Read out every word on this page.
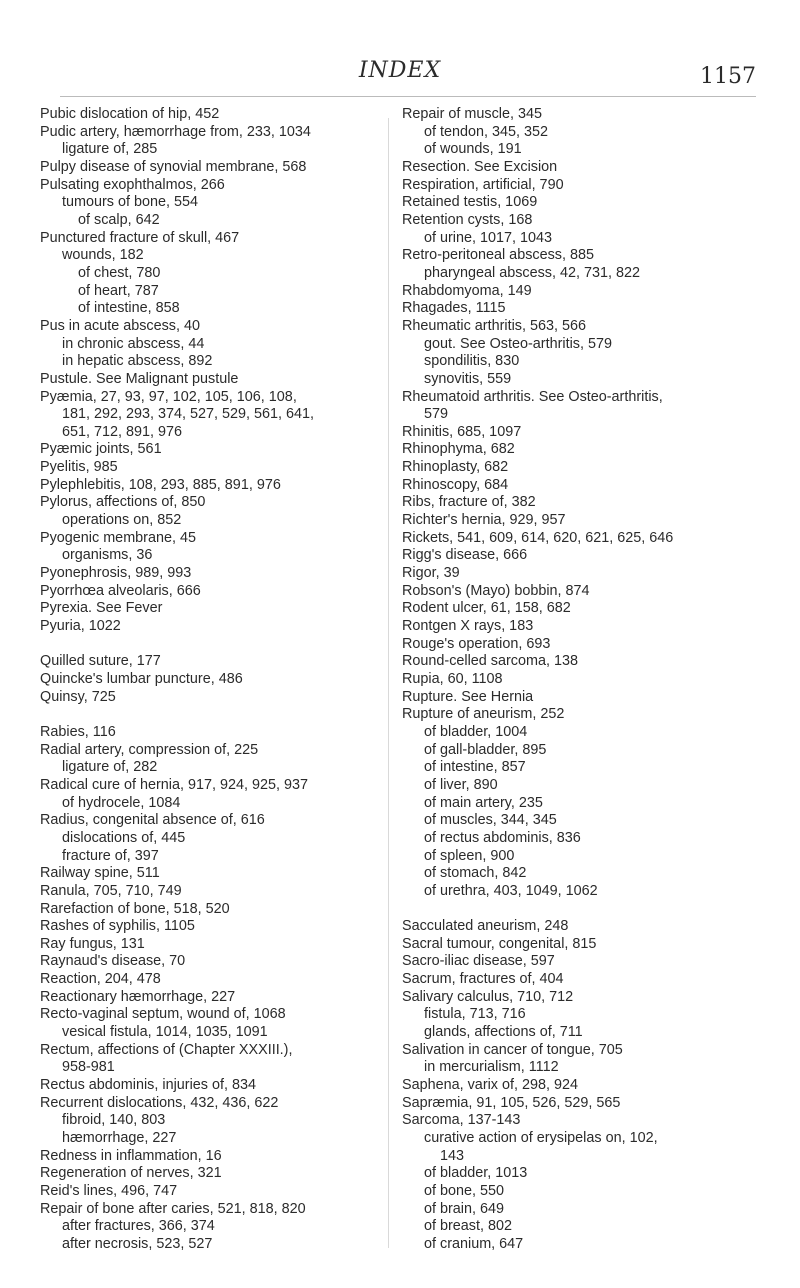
INDEX	1157
Pubic dislocation of hip, 452
Pudic artery, hæmorrhage from, 233, 1034
ligature of, 285
Pulpy disease of synovial membrane, 568
Pulsating exophthalmos, 266
tumours of bone, 554
of scalp, 642
Punctured fracture of skull, 467
wounds, 182
of chest, 780
of heart, 787
of intestine, 858
Pus in acute abscess, 40
in chronic abscess, 44
in hepatic abscess, 892
Pustule. See Malignant pustule
Pyæmia, 27, 93, 97, 102, 105, 106, 108,
181, 292, 293, 374, 527, 529, 561, 641,
651, 712, 891, 976
Pyæmic joints, 561
Pyelitis, 985
Pylephlebitis, 108, 293, 885, 891, 976
Pylorus, affections of, 850
operations on, 852
Pyogenic membrane, 45
organisms, 36
Pyonephrosis, 989, 993
Pyorrhœa alveolaris, 666
Pyrexia. See Fever
Pyuria, 1022
Quilled suture, 177
Quincke's lumbar puncture, 486
Quinsy, 725
Rabies, 116
Radial artery, compression of, 225
ligature of, 282
Radical cure of hernia, 917, 924, 925, 937
of hydrocele, 1084
Radius, congenital absence of, 616
dislocations of, 445
fracture of, 397
Railway spine, 511
Ranula, 705, 710, 749
Rarefaction of bone, 518, 520
Rashes of syphilis, 1105
Ray fungus, 131
Raynaud's disease, 70
Reaction, 204, 478
Reactionary hæmorrhage, 227
Recto-vaginal septum, wound of, 1068
vesical fistula, 1014, 1035, 1091
Rectum, affections of (Chapter XXXIII.),
958-981
Rectus abdominis, injuries of, 834
Recurrent dislocations, 432, 436, 622
fibroid, 140, 803
hæmorrhage, 227
Redness in inflammation, 16
Regeneration of nerves, 321
Reid's lines, 496, 747
Repair of bone after caries, 521, 818, 820
after fractures, 366, 374
after necrosis, 523, 527
Repair of muscle, 345
of tendon, 345, 352
of wounds, 191
Resection. See Excision
Respiration, artificial, 790
Retained testis, 1069
Retention cysts, 168
of urine, 1017, 1043
Retro-peritoneal abscess, 885
pharyngeal abscess, 42, 731, 822
Rhabdomyoma, 149
Rhagades, 1115
Rheumatic arthritis, 563, 566
gout. See Osteo-arthritis, 579
spondilitis, 830
synovitis, 559
Rheumatoid arthritis. See Osteo-arthritis,
579
Rhinitis, 685, 1097
Rhinophyma, 682
Rhinoplasty, 682
Rhinoscopy, 684
Ribs, fracture of, 382
Richter's hernia, 929, 957
Rickets, 541, 609, 614, 620, 621, 625, 646
Rigg's disease, 666
Rigor, 39
Robson's (Mayo) bobbin, 874
Rodent ulcer, 61, 158, 682
Rontgen X rays, 183
Rouge's operation, 693
Round-celled sarcoma, 138
Rupia, 60, 1108
Rupture. See Hernia
Rupture of aneurism, 252
of bladder, 1004
of gall-bladder, 895
of intestine, 857
of liver, 890
of main artery, 235
of muscles, 344, 345
of rectus abdominis, 836
of spleen, 900
of stomach, 842
of urethra, 403, 1049, 1062
Sacculated aneurism, 248
Sacral tumour, congenital, 815
Sacro-iliac disease, 597
Sacrum, fractures of, 404
Salivary calculus, 710, 712
fistula, 713, 716
glands, affections of, 711
Salivation in cancer of tongue, 705
in mercurialism, 1112
Saphena, varix of, 298, 924
Sapræmia, 91, 105, 526, 529, 565
Sarcoma, 137-143
curative action of erysipelas on, 102,
143
of bladder, 1013
of bone, 550
of brain, 649
of breast, 802
of cranium, 647
